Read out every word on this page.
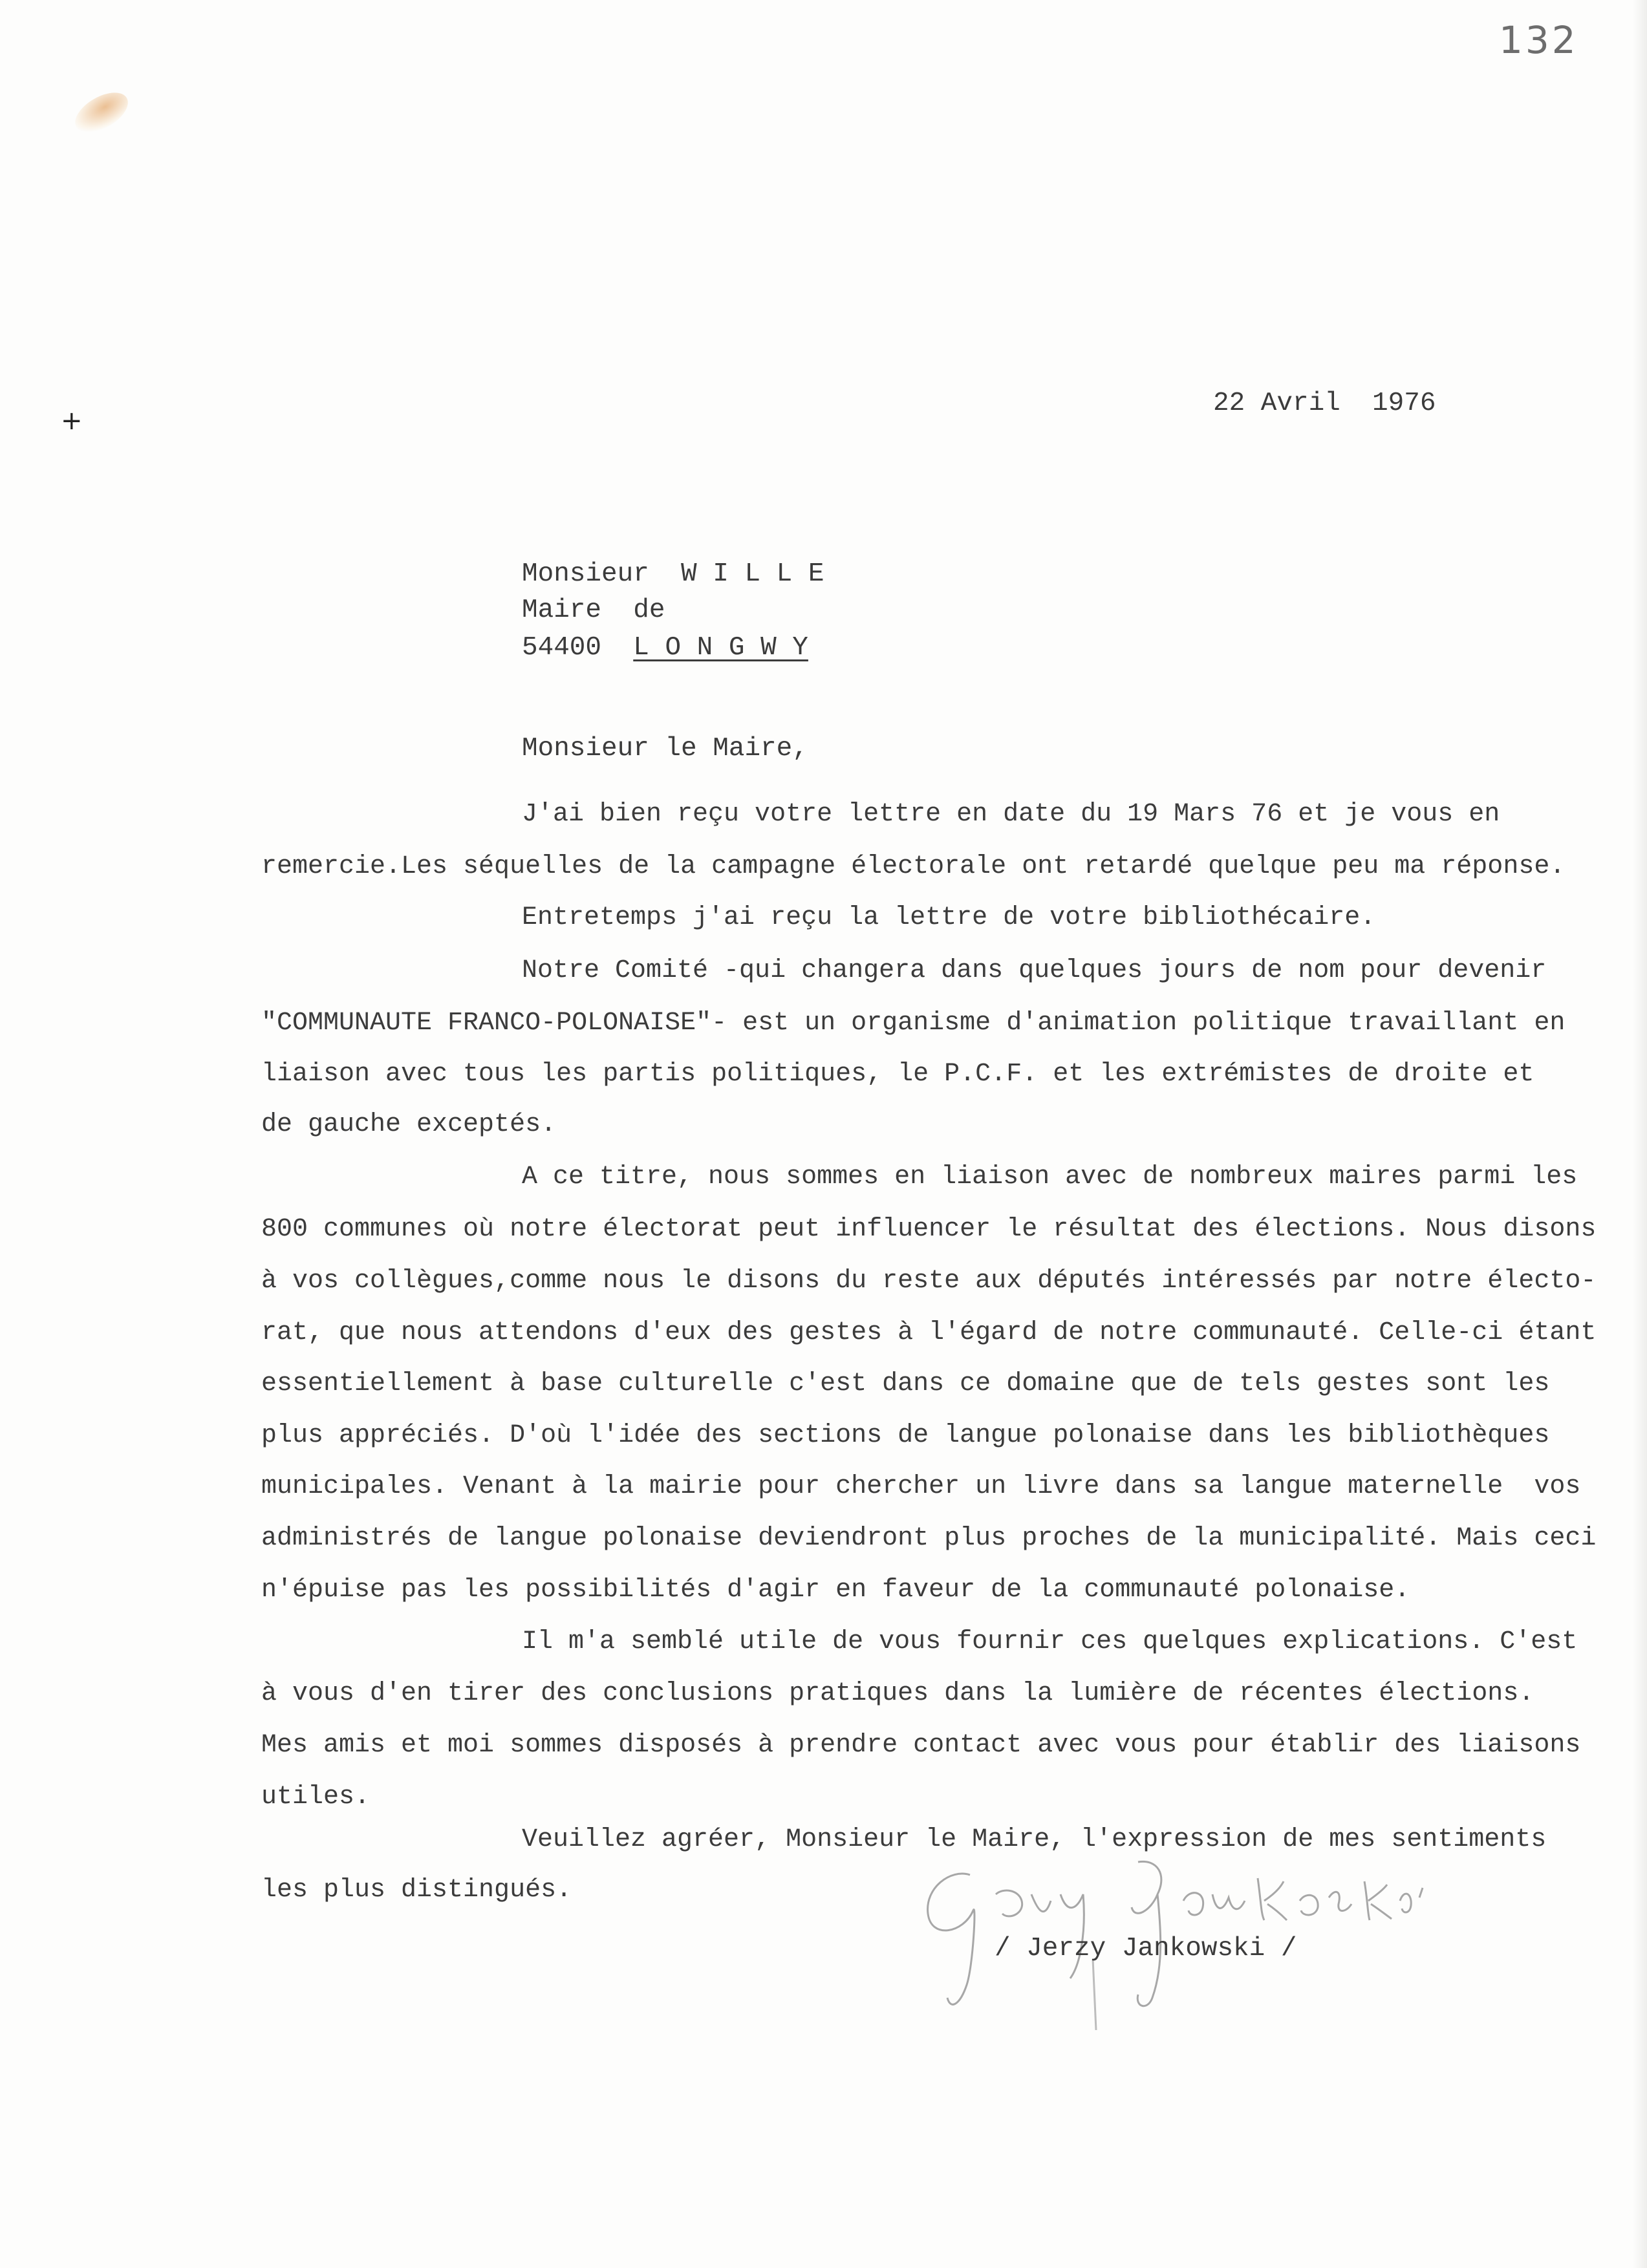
132
+
22 Avril  1976
Monsieur  W I L L E
Maire  de
54400 L O N G W Y
Monsieur le Maire,
J'ai bien reçu votre lettre en date du 19 Mars 76 et je vous en
remercie.Les séquelles de la campagne électorale ont retardé quelque peu ma réponse.
Entretemps j'ai reçu la lettre de votre bibliothécaire.
Notre Comité -qui changera dans quelques jours de nom pour devenir
"COMMUNAUTE FRANCO-POLONAISE"- est un organisme d'animation politique travaillant en
liaison avec tous les partis politiques, le P.C.F. et les extrémistes de droite et
de gauche exceptés.
A ce titre, nous sommes en liaison avec de nombreux maires parmi les
800 communes où notre électorat peut influencer le résultat des élections. Nous disons
à vos collègues,comme nous le disons du reste aux députés intéressés par notre électo-
rat, que nous attendons d'eux des gestes à l'égard de notre communauté. Celle-ci étant
essentiellement à base culturelle c'est dans ce domaine que de tels gestes sont les
plus appréciés. D'où l'idée des sections de langue polonaise dans les bibliothèques
municipales. Venant à la mairie pour chercher un livre dans sa langue maternelle  vos
administrés de langue polonaise deviendront plus proches de la municipalité. Mais ceci
n'épuise pas les possibilités d'agir en faveur de la communauté polonaise.
Il m'a semblé utile de vous fournir ces quelques explications. C'est
à vous d'en tirer des conclusions pratiques dans la lumière de récentes élections.
Mes amis et moi sommes disposés à prendre contact avec vous pour établir des liaisons
utiles.
Veuillez agréer, Monsieur le Maire, l'expression de mes sentiments
les plus distingués.
/ Jerzy Jankowski /
